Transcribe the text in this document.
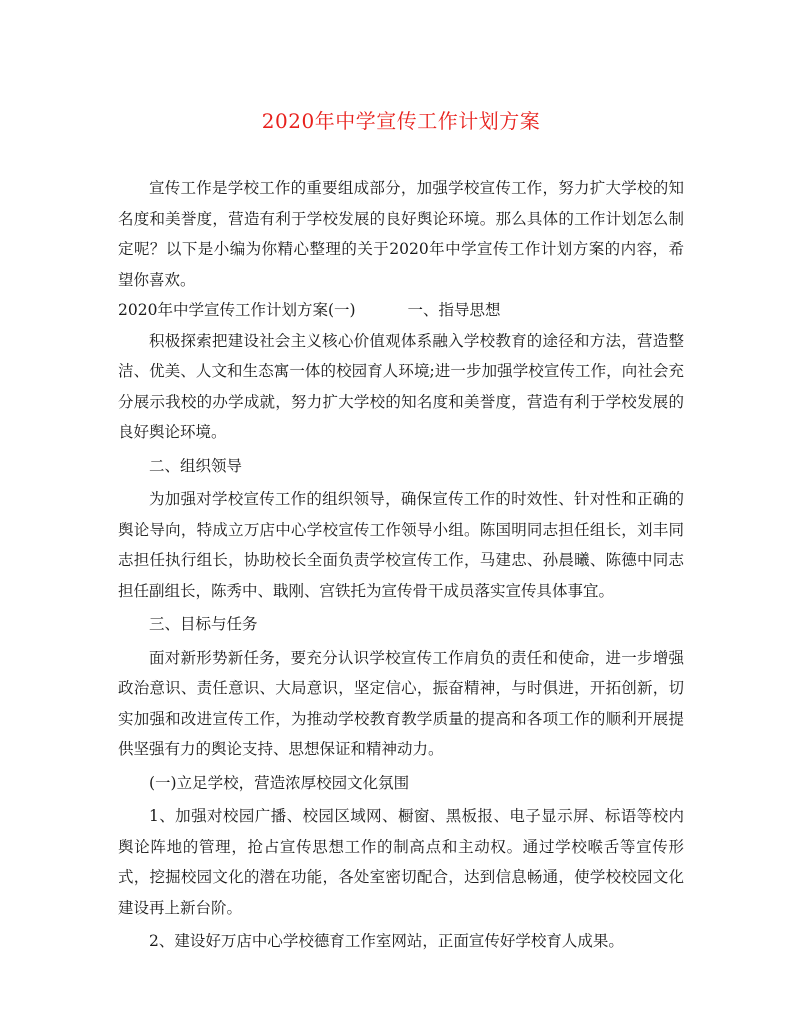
2020年中学宣传工作计划方案

宣传工作是学校工作的重要组成部分，加强学校宣传工作，努力扩大学校的知名度和美誉度，营造有利于学校发展的良好舆论环境。那么具体的工作计划怎么制定呢？以下是小编为你精心整理的关于2020年中学宣传工作计划方案的内容，希望你喜欢。

2020年中学宣传工作计划方案(一)	一、指导思想

积极探索把建设社会主义核心价值观体系融入学校教育的途径和方法，营造整洁、优美、人文和生态寓一体的校园育人环境;进一步加强学校宣传工作，向社会充分展示我校的办学成就，努力扩大学校的知名度和美誉度，营造有利于学校发展的良好舆论环境。

二、组织领导

为加强对学校宣传工作的组织领导，确保宣传工作的时效性、针对性和正确的舆论导向，特成立万店中心学校宣传工作领导小组。陈国明同志担任组长，刘丰同志担任执行组长，协助校长全面负责学校宣传工作，马建忠、孙晨曦、陈德中同志担任副组长，陈秀中、戢刚、宫铁托为宣传骨干成员落实宣传具体事宜。

三、目标与任务

面对新形势新任务，要充分认识学校宣传工作肩负的责任和使命，进一步增强政治意识、责任意识、大局意识，坚定信心，振奋精神，与时俱进，开拓创新，切实加强和改进宣传工作，为推动学校教育教学质量的提高和各项工作的顺利开展提供坚强有力的舆论支持、思想保证和精神动力。

(一)立足学校，营造浓厚校园文化氛围

1、加强对校园广播、校园区域网、橱窗、黑板报、电子显示屏、标语等校内舆论阵地的管理，抢占宣传思想工作的制高点和主动权。通过学校喉舌等宣传形式，挖掘校园文化的潜在功能，各处室密切配合，达到信息畅通，使学校校园文化建设再上新台阶。

2、建设好万店中心学校德育工作室网站，正面宣传好学校育人成果。
